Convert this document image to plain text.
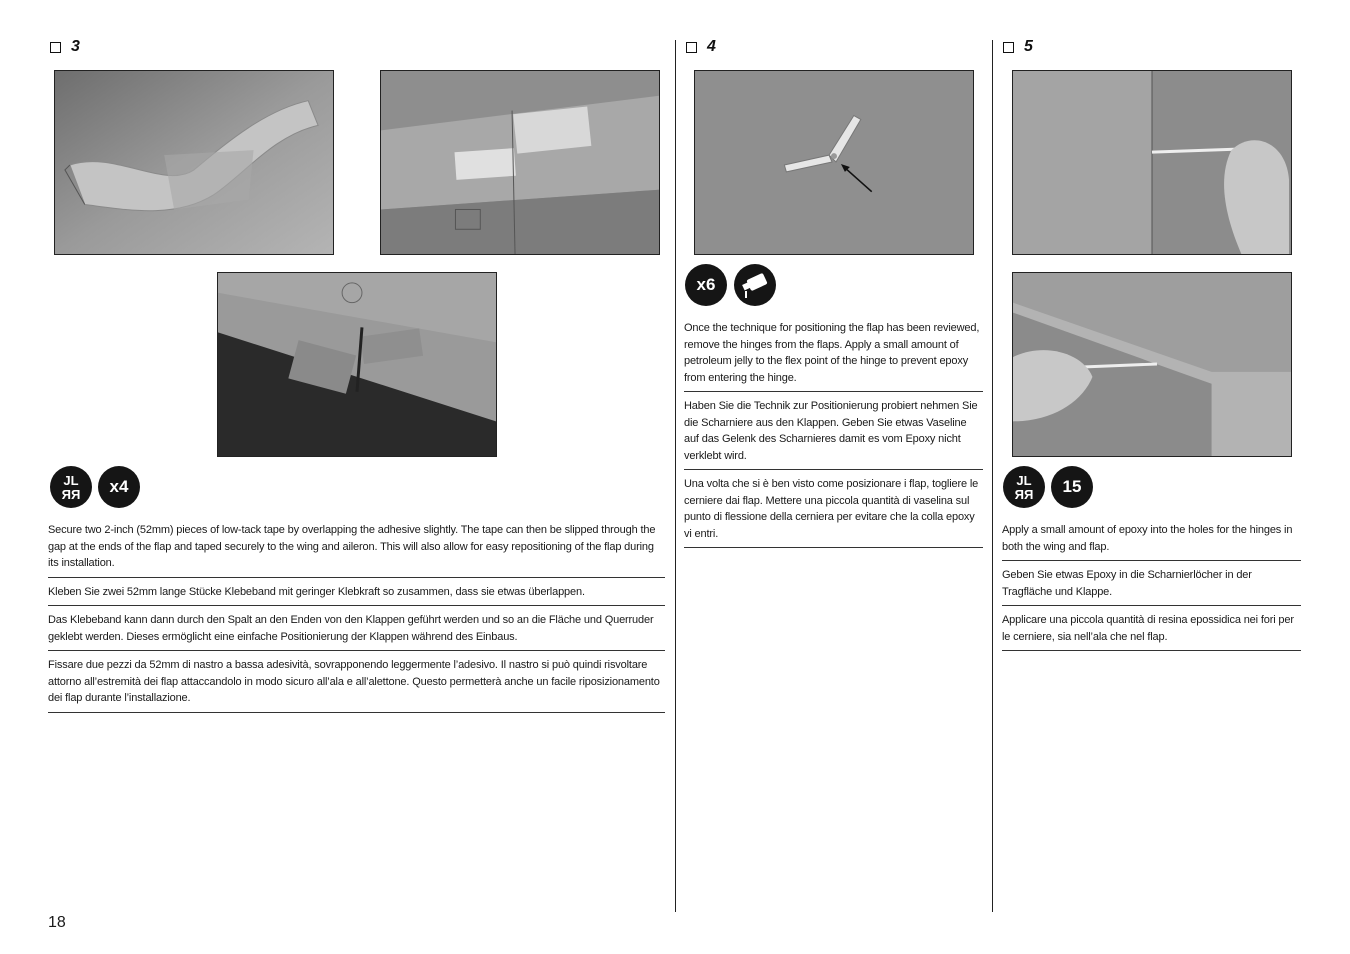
3
JL
RR x4
Secure two 2-inch (52mm) pieces of low-tack tape by overlapping the adhesive slightly. The tape can then be slipped through the gap at the ends of the flap and taped securely to the wing and aileron. This will also allow for easy repositioning of the flap during its installation.
Kleben Sie zwei 52mm lange Stücke Klebeband mit geringer Klebkraft so zusammen, dass sie etwas überlappen.
Das Klebeband kann dann durch den Spalt an den Enden von den Klappen geführt werden und so an die Fläche und Querruder geklebt werden. Dieses ermöglicht eine einfache Positionierung der Klappen während des Einbaus.
Fissare due pezzi da 52mm di nastro a bassa adesività, sovrapponendo leggermente l’adesivo. Il nastro si può quindi risvoltare attorno all’estremità dei flap attaccandolo in modo sicuro all’ala e all’alettone. Questo permetterà anche un facile riposizionamento dei flap durante l’installazione.
4
x6
Once the technique for positioning the flap has been reviewed, remove the hinges from the flaps. Apply a small amount of petroleum jelly to the flex point of the hinge to prevent epoxy from entering the hinge.
Haben Sie die Technik zur Positionierung probiert nehmen Sie die Scharniere aus den Klappen. Geben Sie etwas Vaseline auf das Gelenk des Scharnieres damit es vom Epoxy nicht verklebt wird.
Una volta che si è ben visto come posizionare i flap, togliere le cerniere dai flap. Mettere una piccola quantità di vaselina sul punto di flessione della cerniera per evitare che la colla epoxy vi entri.
5
JL
RR 15
Apply a small amount of epoxy into the holes for the hinges in both the wing and flap.
Geben Sie etwas Epoxy in die Scharnierlöcher in der Tragfläche und Klappe.
Applicare una piccola quantità di resina epossidica nei fori per le cerniere, sia nell’ala che nel flap.
18
